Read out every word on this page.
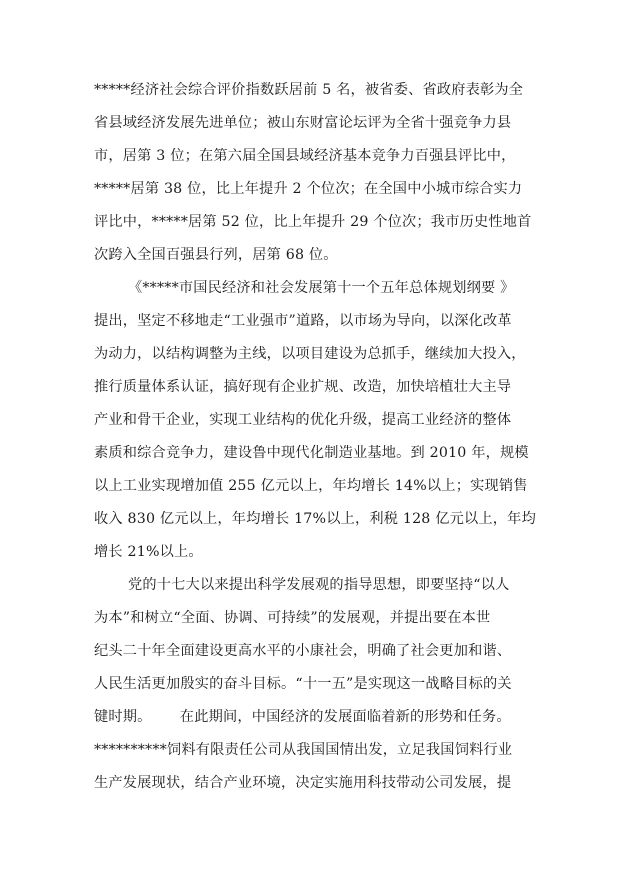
*****经济社会综合评价指数跃居前 5 名，被省委、省政府表彰为全
省县域经济发展先进单位；被山东财富论坛评为全省十强竞争力县
市，居第 3 位；在第六届全国县域经济基本竞争力百强县评比中，
*****居第 38 位，比上年提升 2 个位次；在全国中小城市综合实力
评比中，*****居第 52 位，比上年提升 29 个位次；我市历史性地首
次跨入全国百强县行列，居第 68 位。
《*****市国民经济和社会发展第十一个五年总体规划纲要 》
提出，坚定不移地走“工业强市”道路，以市场为导向，以深化改革
为动力，以结构调整为主线，以项目建设为总抓手，继续加大投入，
推行质量体系认证，搞好现有企业扩规、改造，加快培植壮大主导
产业和骨干企业，实现工业结构的优化升级，提高工业经济的整体
素质和综合竞争力，建设鲁中现代化制造业基地。到 2010 年，规模
以上工业实现增加值 255 亿元以上，年均增长 14%以上；实现销售
收入 830 亿元以上，年均增长 17%以上，利税 128 亿元以上，年均
增长 21%以上。
党的十七大以来提出科学发展观的指导思想，即要坚持“以人
为本”和树立“全面、协调、可持续”的发展观，并提出要在本世
纪头二十年全面建设更高水平的小康社会，明确了社会更加和谐、
人民生活更加殷实的奋斗目标。“十一五”是实现这一战略目标的关
键时期。      在此期间，中国经济的发展面临着新的形势和任务。
**********饲料有限责任公司从我国国情出发，立足我国饲料行业
生产发展现状，结合产业环境，决定实施用科技带动公司发展，提
